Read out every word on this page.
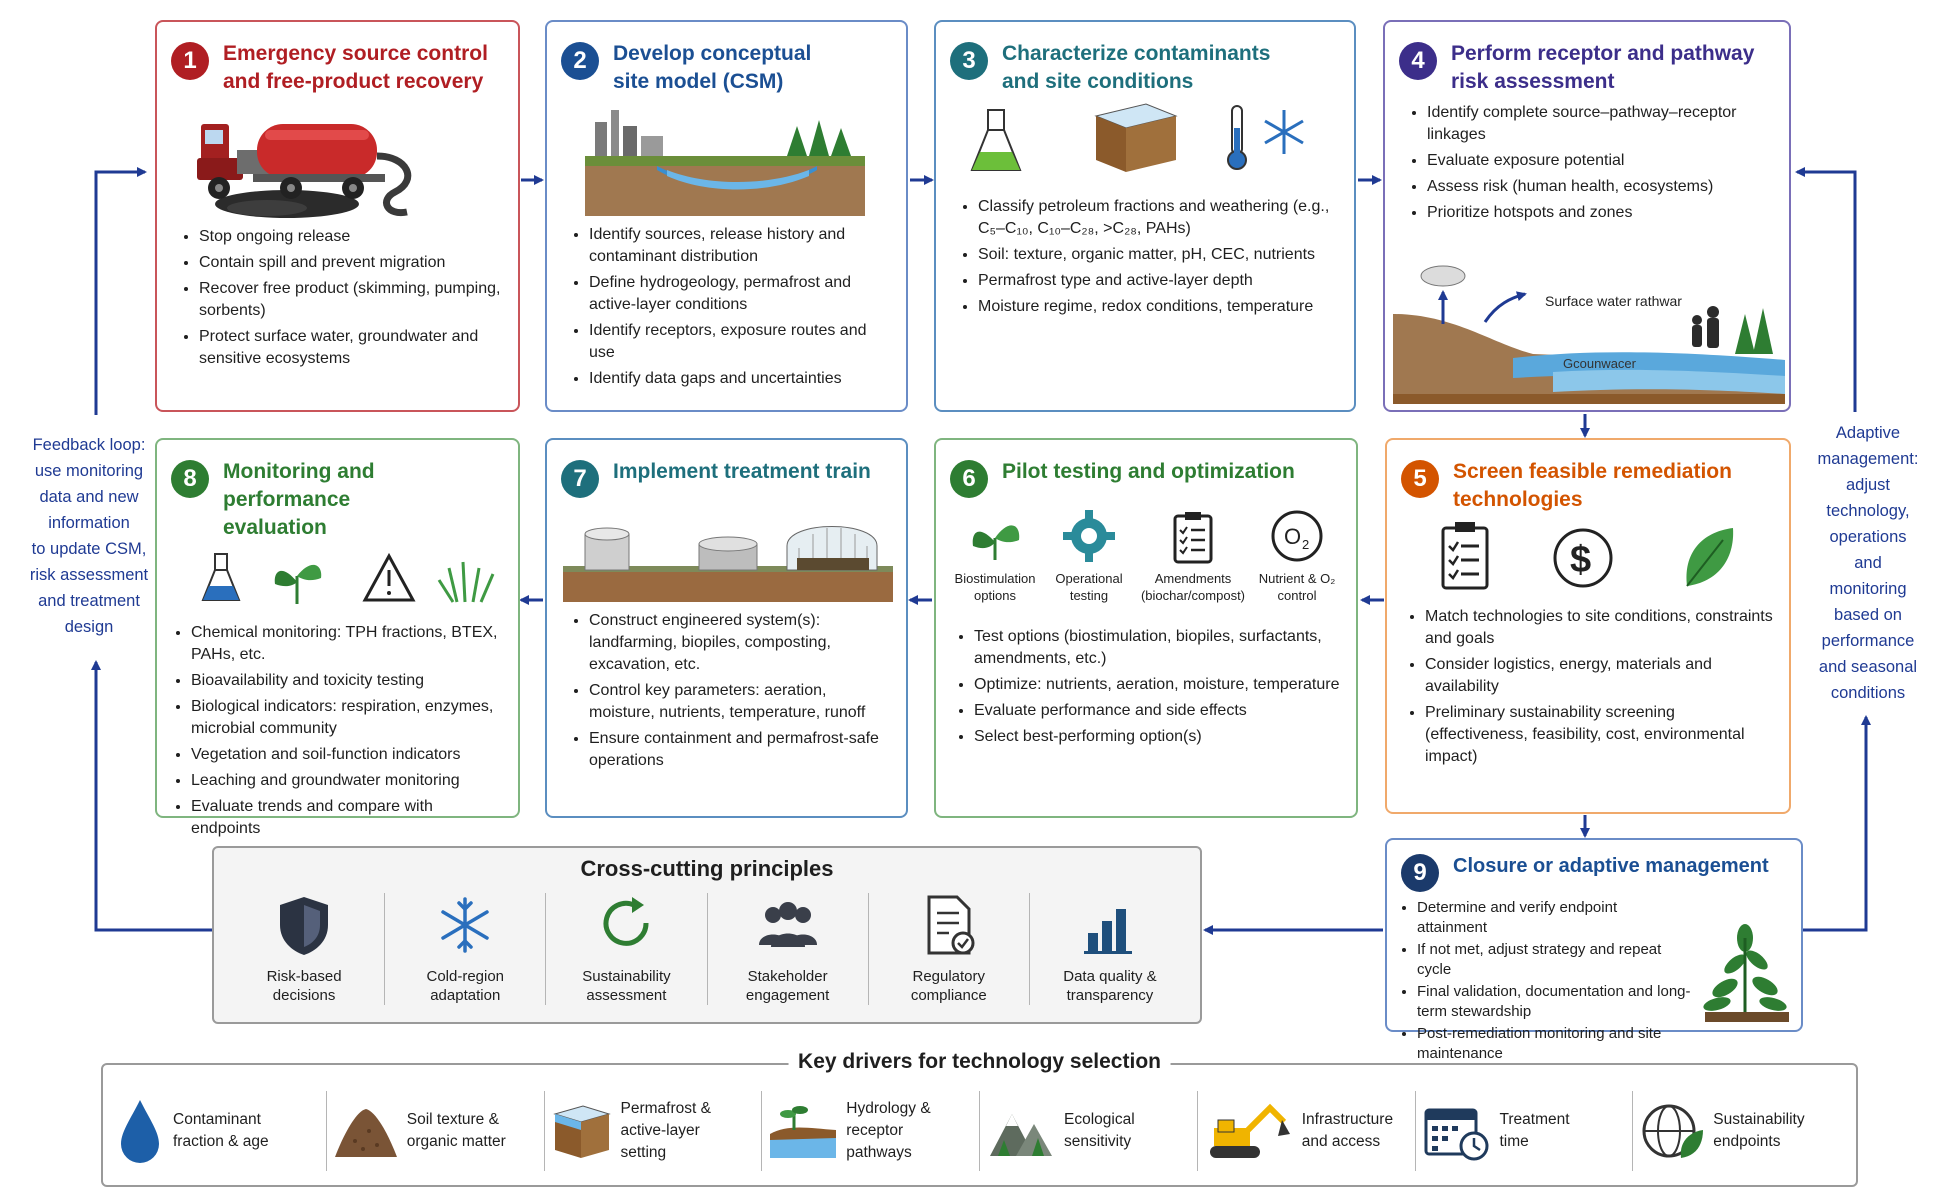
1	Emergency source control
and free-product recovery
• Stop ongoing release
• Contain spill and prevent migration
• Recover free product (skimming, pumping, sorbents)
• Protect surface water, groundwater and sensitive ecosystems
2	Develop conceptual
site model (CSM)
• Identify sources, release history and contaminant distribution
• Define hydrogeology, permafrost and active-layer conditions
• Identify receptors, exposure routes and use
• Identify data gaps and uncertainties
3	Characterize contaminants
and site conditions
• Classify petroleum fractions and weathering (e.g., C₅–C₁₀, C₁₀–C₂₈, >C₂₈, PAHs)
• Soil: texture, organic matter, pH, CEC, nutrients
• Permafrost type and active-layer depth
• Moisture regime, redox conditions, temperature
4	Perform receptor and pathway
risk assessment
• Identify complete source–pathway–receptor linkages
• Evaluate exposure potential
• Assess risk (human health, ecosystems)
• Prioritize hotspots and zones
Surface water rathwar
Gcounwacer
8	Monitoring and performance
evaluation
• Chemical monitoring: TPH fractions, BTEX, PAHs, etc.
• Bioavailability and toxicity testing
• Biological indicators: respiration, enzymes, microbial community
• Vegetation and soil-function indicators
• Leaching and groundwater monitoring
• Evaluate trends and compare with endpoints
7	Implement treatment train
• Construct engineered system(s): landfarming, biopiles, composting, excavation, etc.
• Control key parameters: aeration, moisture, nutrients, temperature, runoff
• Ensure containment and permafrost-safe operations
6	Pilot testing and optimization
Biostimulation options
Operational testing
Amendments (biochar/compost)
O 2
Nutrient & O₂ control
• Test options (biostimulation, biopiles, surfactants, amendments, etc.)
• Optimize: nutrients, aeration, moisture, temperature
• Evaluate performance and side effects
• Select best-performing option(s)
5	Screen feasible remediation
technologies
$
• Match technologies to site conditions, constraints and goals
• Consider logistics, energy, materials and availability
• Preliminary sustainability screening (effectiveness, feasibility, cost, environmental impact)
9	Closure or adaptive management
• Determine and verify endpoint attainment
• If not met, adjust strategy and repeat cycle
• Final validation, documentation and long-term stewardship
• Post-remediation monitoring and site maintenance
Feedback loop:
use monitoring
data and new
information
to update CSM,
risk assessment
and treatment
design
Adaptive
management:
adjust
technology,
operations
and
monitoring
based on
performance
and seasonal
conditions
Cross-cutting principles
Risk-based
decisions
Cold-region
adaptation
Sustainability
assessment
Stakeholder
engagement
Regulatory
compliance
Data quality &
transparency
Key drivers for technology selection
Contaminant
fraction & age
Soil texture &
organic matter
Permafrost &
active-layer
setting
Hydrology &
receptor
pathways
Ecological
sensitivity
Infrastructure
and access
Treatment
time
Sustainability
endpoints
